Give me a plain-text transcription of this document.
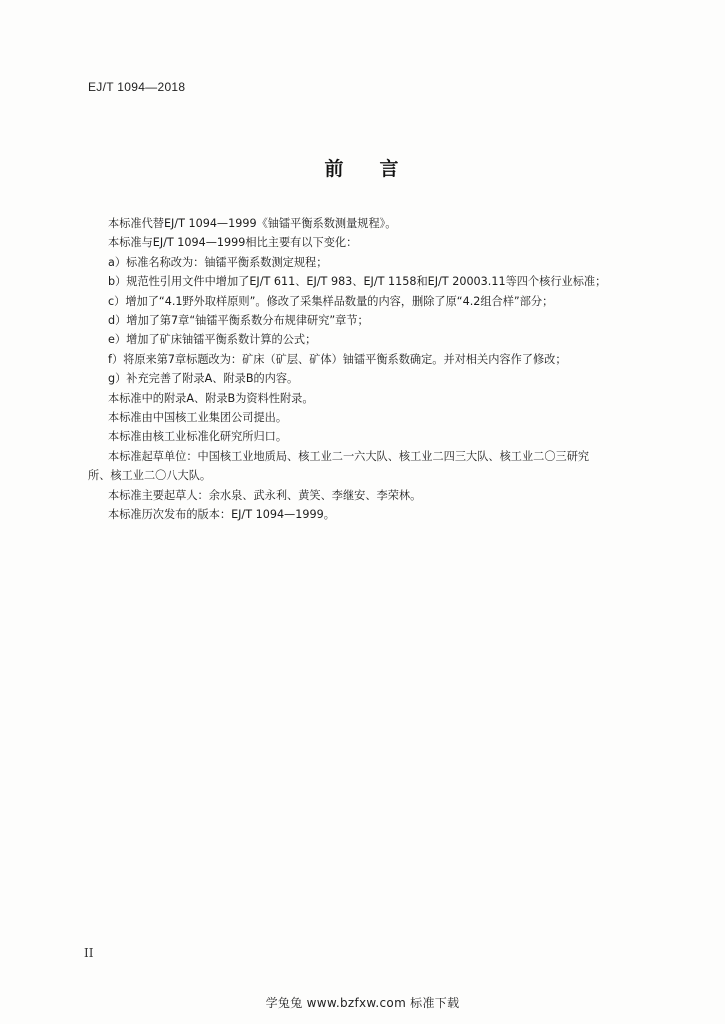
EJ/T 1094—2018
前 言
本标准代替EJ/T 1094—1999《铀镭平衡系数测量规程》。
本标准与EJ/T 1094—1999相比主要有以下变化：
a）标准名称改为：铀镭平衡系数测定规程；
b）规范性引用文件中增加了EJ/T 611、EJ/T 983、EJ/T 1158和EJ/T 20003.11等四个核行业标准；
c）增加了“4.1野外取样原则”。修改了采集样品数量的内容，删除了原“4.2组合样”部分；
d）增加了第7章“铀镭平衡系数分布规律研究”章节；
e）增加了矿床铀镭平衡系数计算的公式；
f）将原来第7章标题改为：矿床（矿层、矿体）铀镭平衡系数确定。并对相关内容作了修改；
g）补充完善了附录A、附录B的内容。
本标准中的附录A、附录B为资料性附录。
本标准由中国核工业集团公司提出。
本标准由核工业标准化研究所归口。
本标准起草单位：中国核工业地质局、核工业二一六大队、核工业二四三大队、核工业二〇三研究
所、核工业二〇八大队。
本标准主要起草人：余水泉、武永利、黄笑、李继安、李荣林。
本标准历次发布的版本：EJ/T 1094—1999。
II
学兔兔 www.bzfxw.com 标准下载
